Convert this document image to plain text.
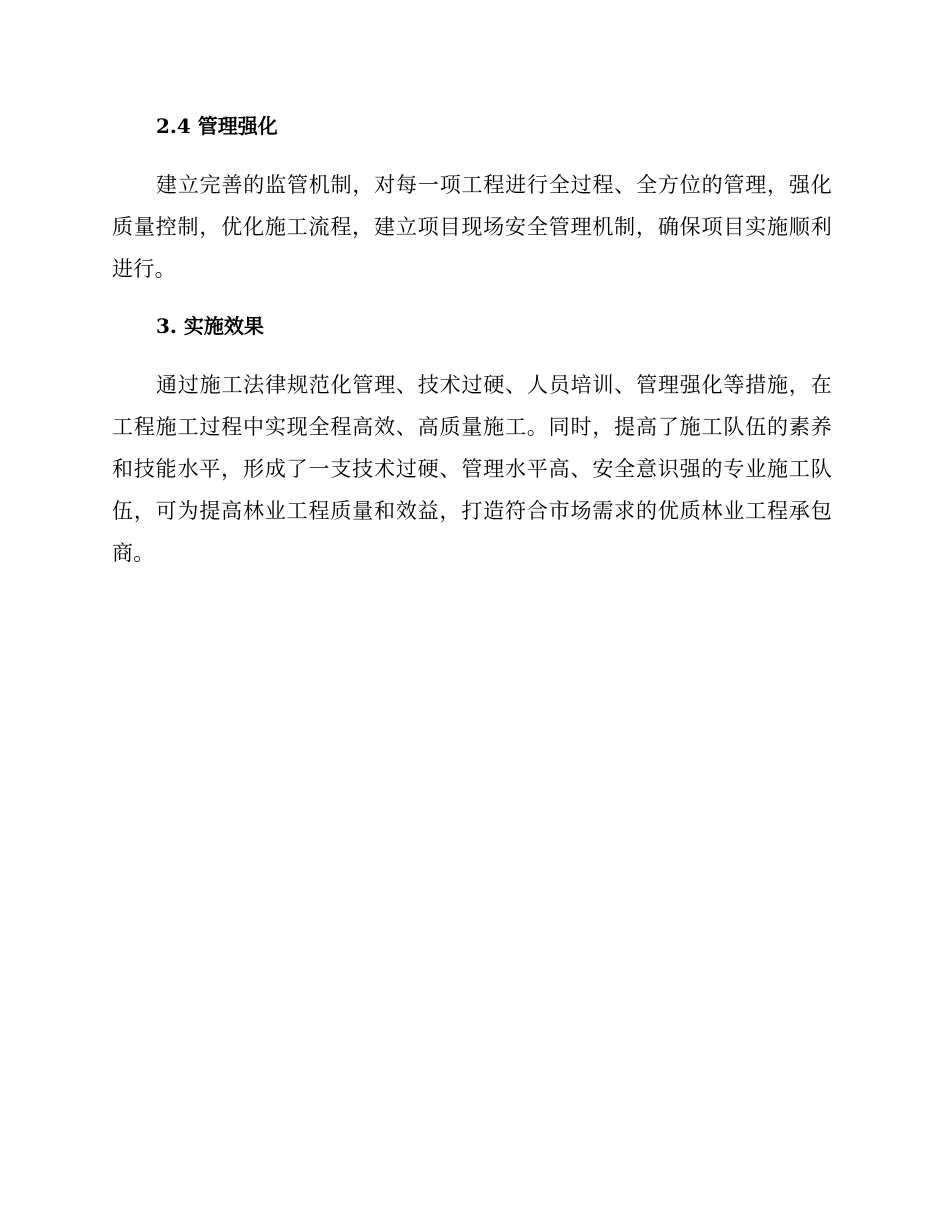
2.4 管理强化

建立完善的监管机制，对每一项工程进行全过程、全方位的管理，强化质量控制，优化施工流程，建立项目现场安全管理机制，确保项目实施顺利进行。

3. 实施效果

通过施工法律规范化管理、技术过硬、人员培训、管理强化等措施，在工程施工过程中实现全程高效、高质量施工。同时，提高了施工队伍的素养和技能水平，形成了一支技术过硬、管理水平高、安全意识强的专业施工队伍，可为提高林业工程质量和效益，打造符合市场需求的优质林业工程承包商。
